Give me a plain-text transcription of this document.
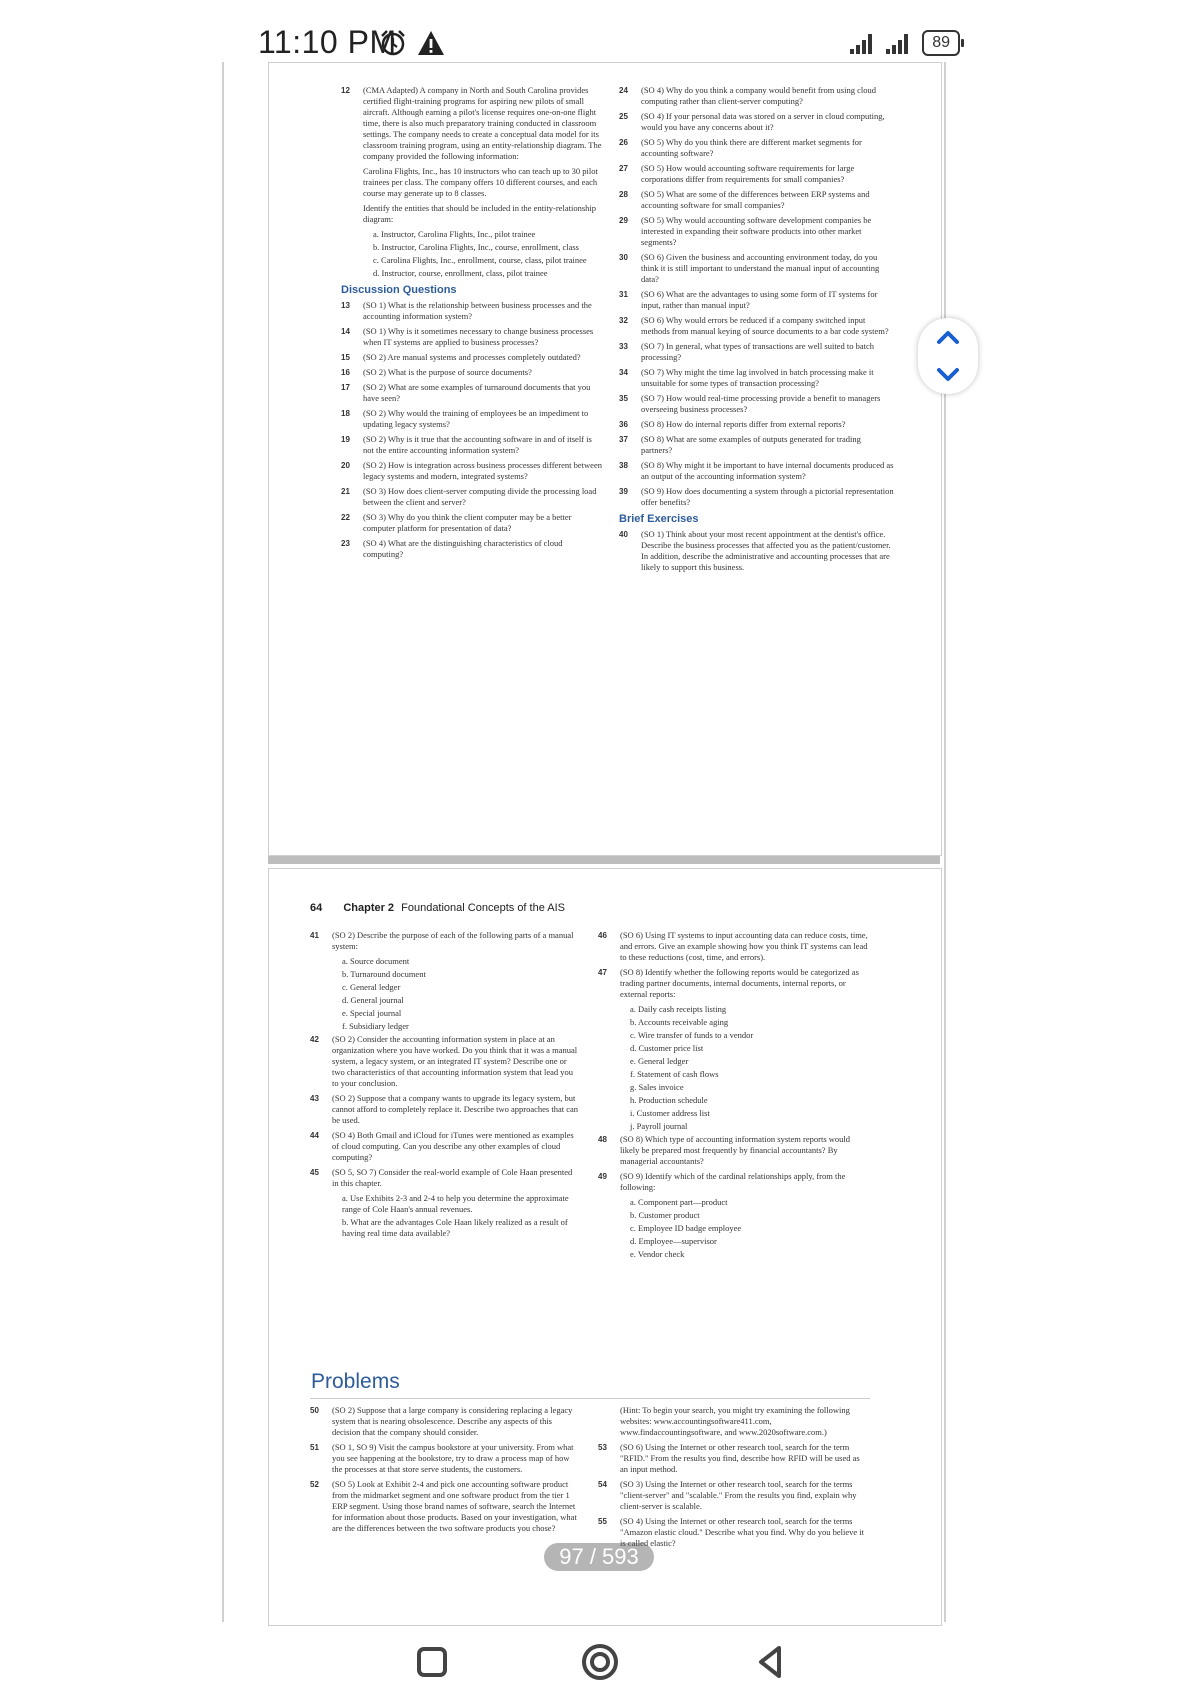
11:10 PM	89
12 (CMA Adapted) A company in North and South Carolina provides certified flight-training programs for aspiring new pilots of small aircraft. Although earning a pilot's license requires one-on-one flight time, there is also much preparatory training conducted in classroom settings. The company needs to create a conceptual data model for its classroom training program, using an entity-relationship diagram. The company provided the following information:
Carolina Flights, Inc., has 10 instructors who can teach up to 30 pilot trainees per class. The company offers 10 different courses, and each course may generate up to 8 classes.
Identify the entities that should be included in the entity-relationship diagram:
a. Instructor, Carolina Flights, Inc., pilot trainee
b. Instructor, Carolina Flights, Inc., course, enrollment, class
c. Carolina Flights, Inc., enrollment, course, class, pilot trainee
d. Instructor, course, enrollment, class, pilot trainee
Discussion Questions
13 (SO 1) What is the relationship between business processes and the accounting information system?
14 (SO 1) Why is it sometimes necessary to change business processes when IT systems are applied to business processes?
15 (SO 2) Are manual systems and processes completely outdated?
16 (SO 2) What is the purpose of source documents?
17 (SO 2) What are some examples of turnaround documents that you have seen?
18 (SO 2) Why would the training of employees be an impediment to updating legacy systems?
19 (SO 2) Why is it true that the accounting software in and of itself is not the entire accounting information system?
20 (SO 2) How is integration across business processes different between legacy systems and modern, integrated systems?
21 (SO 3) How does client-server computing divide the processing load between the client and server?
22 (SO 3) Why do you think the client computer may be a better computer platform for presentation of data?
23 (SO 4) What are the distinguishing characteristics of cloud computing?
24 (SO 4) Why do you think a company would benefit from using cloud computing rather than client-server computing?
25 (SO 4) If your personal data was stored on a server in cloud computing, would you have any concerns about it?
26 (SO 5) Why do you think there are different market segments for accounting software?
27 (SO 5) How would accounting software requirements for large corporations differ from requirements for small companies?
28 (SO 5) What are some of the differences between ERP systems and accounting software for small companies?
29 (SO 5) Why would accounting software development companies be interested in expanding their software products into other market segments?
30 (SO 6) Given the business and accounting environment today, do you think it is still important to understand the manual input of accounting data?
31 (SO 6) What are the advantages to using some form of IT systems for input, rather than manual input?
32 (SO 6) Why would errors be reduced if a company switched input methods from manual keying of source documents to a bar code system?
33 (SO 7) In general, what types of transactions are well suited to batch processing?
34 (SO 7) Why might the time lag involved in batch processing make it unsuitable for some types of transaction processing?
35 (SO 7) How would real-time processing provide a benefit to managers overseeing business processes?
36 (SO 8) How do internal reports differ from external reports?
37 (SO 8) What are some examples of outputs generated for trading partners?
38 (SO 8) Why might it be important to have internal documents produced as an output of the accounting information system?
39 (SO 9) How does documenting a system through a pictorial representation offer benefits?
Brief Exercises
40 (SO 1) Think about your most recent appointment at the dentist's office. Describe the business processes that affected you as the patient/customer. In addition, describe the administrative and accounting processes that are likely to support this business.
64 Chapter 2 Foundational Concepts of the AIS
41 (SO 2) Describe the purpose of each of the following parts of a manual system:
a. Source document
b. Turnaround document
c. General ledger
d. General journal
e. Special journal
f. Subsidiary ledger
42 (SO 2) Consider the accounting information system in place at an organization where you have worked. Do you think that it was a manual system, a legacy system, or an integrated IT system? Describe one or two characteristics of that accounting information system that lead you to your conclusion.
43 (SO 2) Suppose that a company wants to upgrade its legacy system, but cannot afford to completely replace it. Describe two approaches that can be used.
44 (SO 4) Both Gmail and iCloud for iTunes were mentioned as examples of cloud computing. Can you describe any other examples of cloud computing?
45 (SO 5, SO 7) Consider the real-world example of Cole Haan presented in this chapter.
a. Use Exhibits 2-3 and 2-4 to help you determine the approximate range of Cole Haan's annual revenues.
b. What are the advantages Cole Haan likely realized as a result of having real time data available?
46 (SO 6) Using IT systems to input accounting data can reduce costs, time, and errors. Give an example showing how you think IT systems can lead to these reductions (cost, time, and errors).
47 (SO 8) Identify whether the following reports would be categorized as trading partner documents, internal documents, internal reports, or external reports:
a. Daily cash receipts listing
b. Accounts receivable aging
c. Wire transfer of funds to a vendor
d. Customer price list
e. General ledger
f. Statement of cash flows
g. Sales invoice
h. Production schedule
i. Customer address list
j. Payroll journal
48 (SO 8) Which type of accounting information system reports would likely be prepared most frequently by financial accountants? By managerial accountants?
49 (SO 9) Identify which of the cardinal relationships apply, from the following:
a. Component part—product
b. Customer product
c. Employee ID badge employee
d. Employee—supervisor
e. Vendor check
Problems
50 (SO 2) Suppose that a large company is considering replacing a legacy system that is nearing obsolescence. Describe any aspects of this decision that the company should consider.
51 (SO 1, SO 9) Visit the campus bookstore at your university. From what you see happening at the bookstore, try to draw a process map of how the processes at that store serve students, the customers.
52 (SO 5) Look at Exhibit 2-4 and pick one accounting software product from the midmarket segment and one software product from the tier 1 ERP segment. Using those brand names of software, search the Internet for information about those products. Based on your investigation, what are the differences between the two software products you chose?
(Hint: To begin your search, you might try examining the following websites: www.accountingsoftware411.com, www.findaccountingsoftware, and www.2020software.com.)
53 (SO 6) Using the Internet or other research tool, search for the term "RFID." From the results you find, describe how RFID will be used as an input method.
54 (SO 3) Using the Internet or other research tool, search for the terms "client-server" and "scalable." From the results you find, explain why client-server is scalable.
55 (SO 4) Using the Internet or other research tool, search for the terms "Amazon elastic cloud." Describe what you find. Why do you believe it is called elastic?
97 / 593
